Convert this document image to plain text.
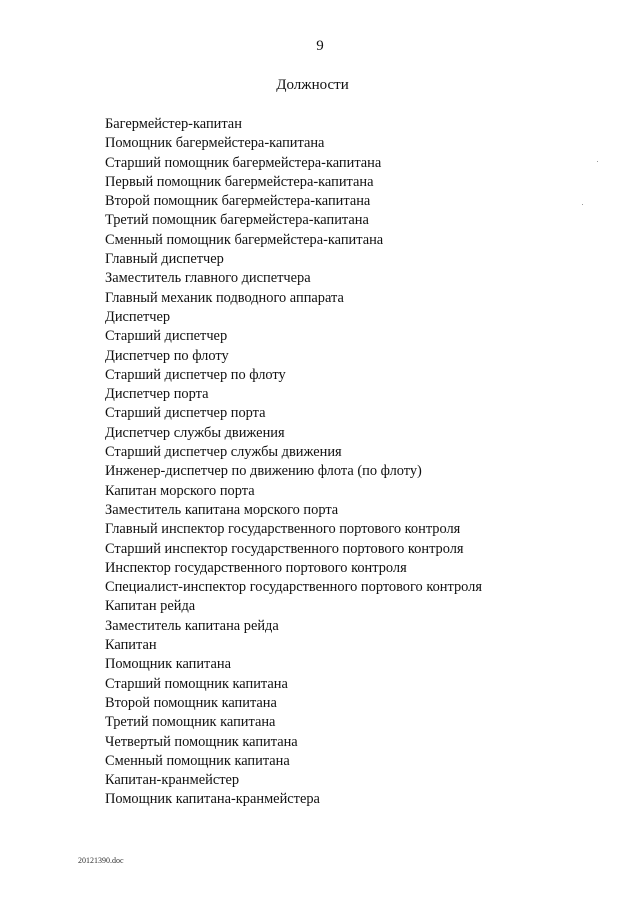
9
Должности
Багермейстер-капитан
Помощник багермейстера-капитана
Старший помощник багермейстера-капитана
Первый помощник багермейстера-капитана
Второй помощник багермейстера-капитана
Третий помощник багермейстера-капитана
Сменный помощник багермейстера-капитана
Главный диспетчер
Заместитель главного диспетчера
Главный механик подводного аппарата
Диспетчер
Старший диспетчер
Диспетчер по флоту
Старший диспетчер по флоту
Диспетчер порта
Старший диспетчер порта
Диспетчер службы движения
Старший диспетчер службы движения
Инженер-диспетчер по движению флота (по флоту)
Капитан морского порта
Заместитель капитана морского порта
Главный инспектор государственного портового контроля
Старший инспектор государственного портового контроля
Инспектор государственного портового контроля
Специалист-инспектор государственного портового контроля
Капитан рейда
Заместитель капитана рейда
Капитан
Помощник капитана
Старший помощник капитана
Второй помощник капитана
Третий помощник капитана
Четвертый помощник капитана
Сменный помощник капитана
Капитан-кранмейстер
Помощник капитана-кранмейстера
20121390.doc
